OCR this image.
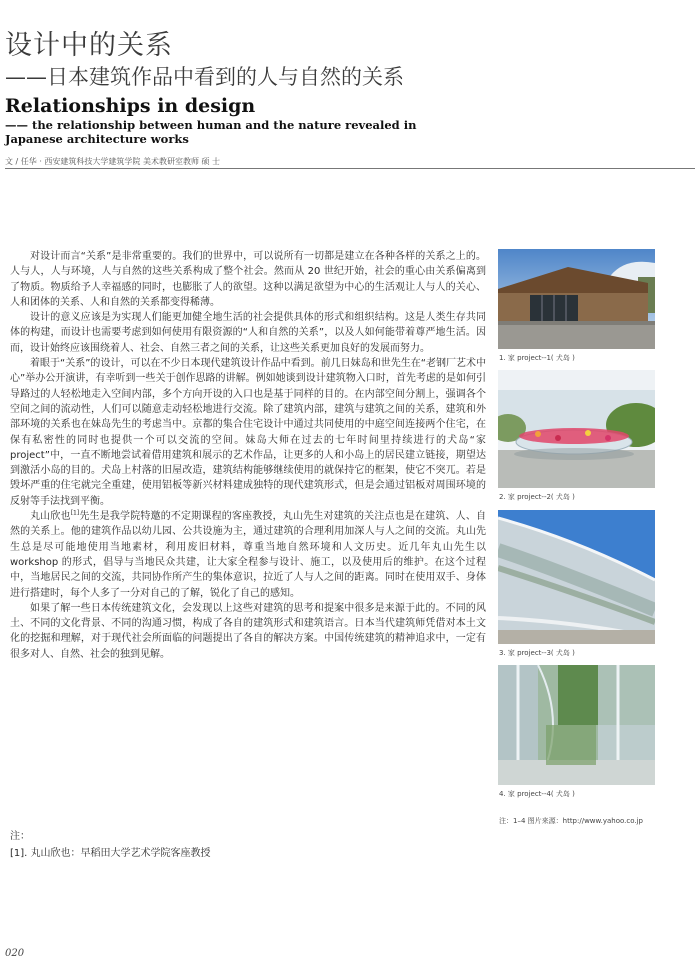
设计中的关系
——日本建筑作品中看到的人与自然的关系
Relationships in design
—— the relationship between human and the nature revealed in Japanese architecture works
文 / 任华 · 西安建筑科技大学建筑学院 美术教研室教师 硕 士

对设计而言“关系”是非常重要的。我们的世界中，可以说所有一切都是建立在各种各样的关系之上的。人与人，人与环境，人与自然的这些关系构成了整个社会。然而从 20 世纪开始，社会的重心由关系偏离到了物质。物质给予人幸福感的同时，也膨胀了人的欲望。这种以满足欲望为中心的生活观让人与人的关心、人和团体的关系、人和自然的关系都变得稀薄。

设计的意义应该是为实现人们能更加健全地生活的社会提供具体的形式和组织结构。这是人类生存共同体的构建，而设计也需要考虑到如何使用有限资源的“人和自然的关系”，以及人如何能带着尊严地生活。因而，设计始终应该围绕着人、社会、自然三者之间的关系，让这些关系更加良好的发展而努力。

着眼于“关系”的设计，可以在不少日本现代建筑设计作品中看到。前几日妹岛和世先生在“老钢厂艺术中心”举办公开演讲，有幸听到一些关于创作思路的讲解。例如她谈到设计建筑物入口时，首先考虑的是如何引导路过的人轻松地走入空间内部，多个方向开设的入口也是基于同样的目的。在内部空间分割上，强调各个空间之间的流动性，人们可以随意走动轻松地进行交流。除了建筑内部，建筑与建筑之间的关系，建筑和外部环境的关系也在妹岛先生的考虑当中。京都的集合住宅设计中通过共同使用的中庭空间连接两个住宅，在保有私密性的同时也提供一个可以交流的空间。妹岛大师在过去的七年时间里持续进行的犬岛“家 project”中，一直不断地尝试着借用建筑和展示的艺术作品，让更多的人和小岛上的居民建立链接，期望达到激活小岛的目的。犬岛上村落的旧屋改造，建筑结构能够继续使用的就保持它的框架，使它不突兀。若是毁坏严重的住宅就完全重建，使用铝板等新兴材料建成独特的现代建筑形式，但是会通过铝板对周围环境的反射等手法找到平衡。

丸山欣也[1]先生是我学院特邀的不定期课程的客座教授，丸山先生对建筑的关注点也是在建筑、人、自然的关系上。他的建筑作品以幼儿园、公共设施为主，通过建筑的合理利用加深人与人之间的交流。丸山先生总是尽可能地使用当地素材，利用废旧材料，尊重当地自然环境和人文历史。近几年丸山先生以 workshop 的形式，倡导与当地民众共建，让大家全程参与设计、施工，以及使用后的维护。在这个过程中，当地居民之间的交流，共同协作所产生的集体意识，拉近了人与人之间的距离。同时在使用双手、身体进行搭建时，每个人多了一分对自己的了解，锐化了自己的感知。

如果了解一些日本传统建筑文化，会发现以上这些对建筑的思考和提案中很多是来源于此的。不同的风土、不同的文化背景、不同的沟通习惯，构成了各自的建筑形式和建筑语言。日本当代建筑师凭借对本土文化的挖掘和理解，对于现代社会所面临的问题提出了各自的解决方案。中国传统建筑的精神追求中，一定有很多对人、自然、社会的独到见解。

注：
[1]. 丸山欣也：早稻田大学艺术学院客座教授
1. 家 project--1( 犬岛 )
2. 家 project--2( 犬岛 )
3. 家 project--3( 犬岛 )
4. 家 project--4( 犬岛 )
注：1–4 图片来源：http://www.yahoo.co.jp
020
